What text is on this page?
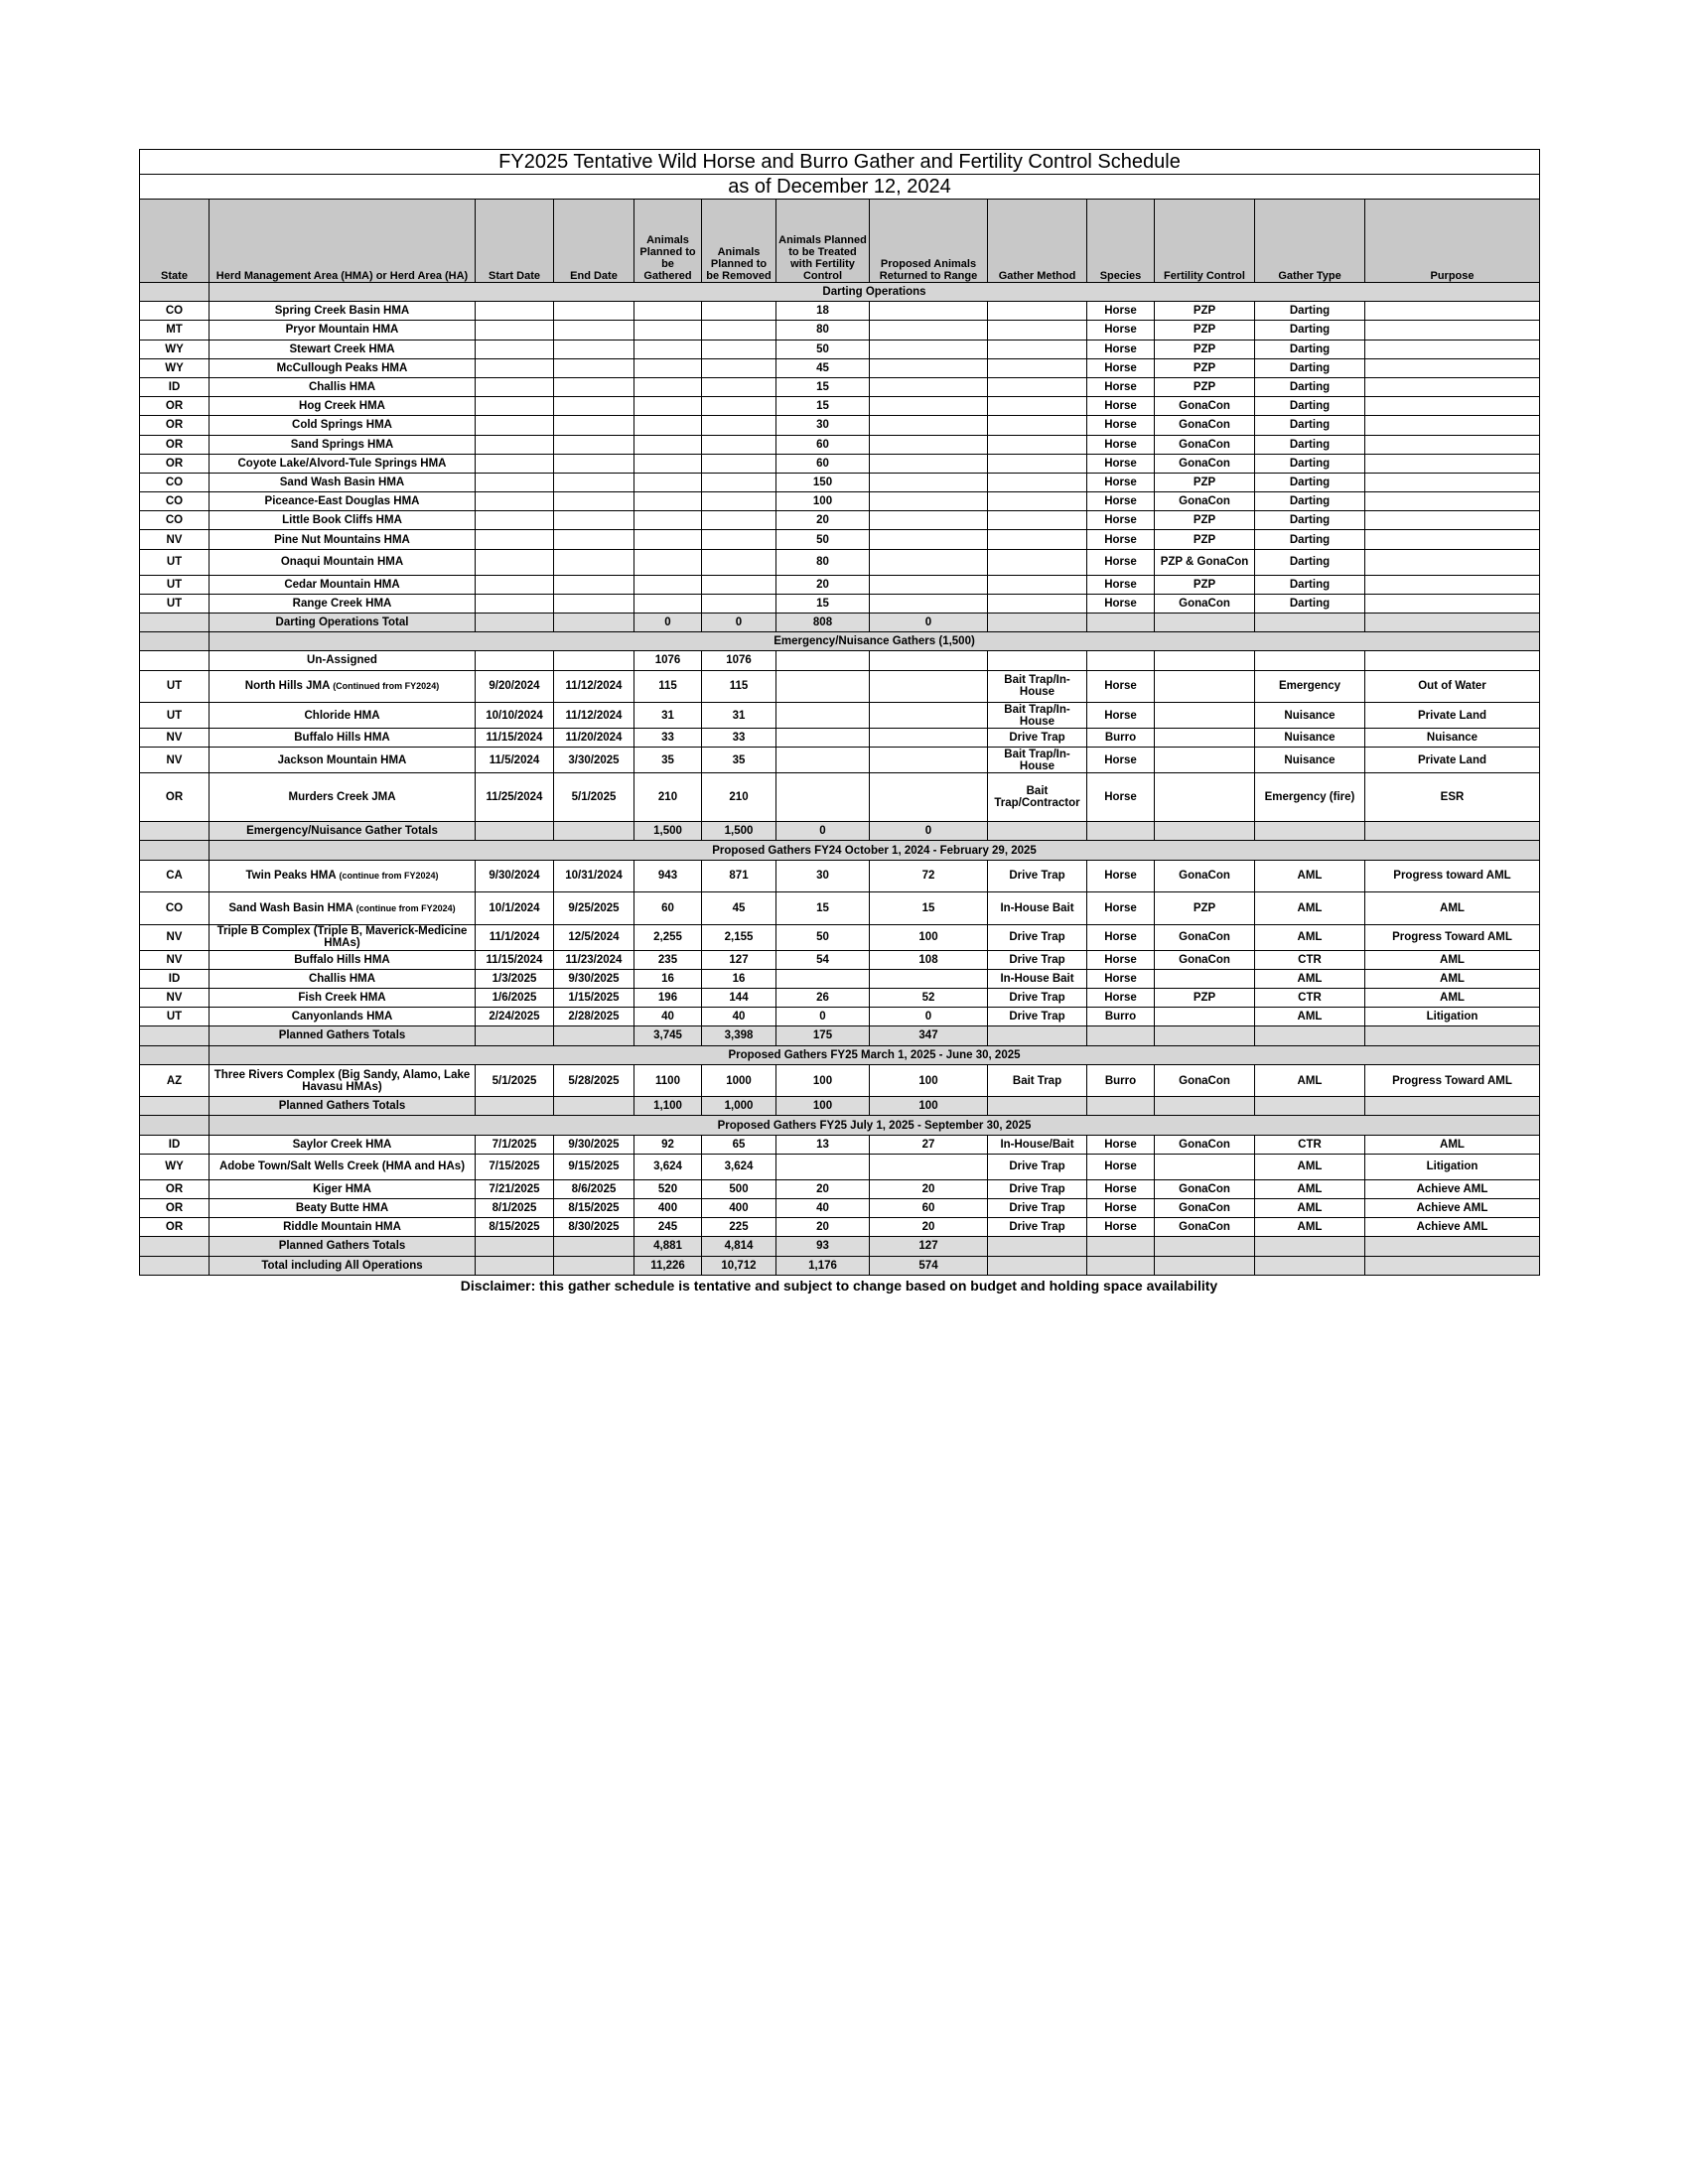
FY2025 Tentative Wild Horse and Burro Gather and Fertility Control Schedule												
as of December 12, 2024												
State	Herd Management Area (HMA) or Herd Area (HA)	Start Date	End Date	Animals Planned to be Gathered	Animals Planned to be Removed	Animals Planned to be Treated with Fertility Control	Proposed Animals Returned to Range	Gather Method	Species	Fertility Control	Gather Type	Purpose
	Darting Operations											
CO	Spring Creek Basin HMA					18			Horse	PZP	Darting	
MT	Pryor Mountain HMA					80			Horse	PZP	Darting	
WY	Stewart Creek HMA					50			Horse	PZP	Darting	
WY	McCullough Peaks HMA					45			Horse	PZP	Darting	
ID	Challis HMA					15			Horse	PZP	Darting	
OR	Hog Creek HMA					15			Horse	GonaCon	Darting	
OR	Cold Springs HMA					30			Horse	GonaCon	Darting	
OR	Sand Springs HMA					60			Horse	GonaCon	Darting	
OR	Coyote Lake/Alvord-Tule Springs HMA					60			Horse	GonaCon	Darting	
CO	Sand Wash Basin HMA					150			Horse	PZP	Darting	
CO	Piceance-East Douglas HMA					100			Horse	GonaCon	Darting	
CO	Little Book Cliffs HMA					20			Horse	PZP	Darting	
NV	Pine Nut Mountains HMA					50			Horse	PZP	Darting	
UT	Onaqui Mountain HMA					80			Horse	PZP & GonaCon	Darting	
UT	Cedar Mountain HMA					20			Horse	PZP	Darting	
UT	Range Creek HMA					15			Horse	GonaCon	Darting	
	Darting Operations Total			0	0	808	0					
	Emergency/Nuisance Gathers (1,500)											
	Un-Assigned			1076	1076							
UT	North Hills JMA (Continued from FY2024)	9/20/2024	11/12/2024	115	115			Bait Trap/In-House	Horse		Emergency	Out of Water
UT	Chloride HMA	10/10/2024	11/12/2024	31	31			Bait Trap/In-House	Horse		Nuisance	Private Land
NV	Buffalo Hills HMA	11/15/2024	11/20/2024	33	33			Drive Trap	Burro		Nuisance	Nuisance
NV	Jackson Mountain HMA	11/5/2024	3/30/2025	35	35			Bait Trap/In-House	Horse		Nuisance	Private Land
OR	Murders Creek JMA	11/25/2024	5/1/2025	210	210			Bait Trap/Contractor	Horse		Emergency (fire)	ESR
	Emergency/Nuisance Gather Totals			1,500	1,500	0	0					
	Proposed Gathers FY24 October 1, 2024 - February 29, 2025											
CA	Twin Peaks HMA (continue from FY2024)	9/30/2024	10/31/2024	943	871	30	72	Drive Trap	Horse	GonaCon	AML	Progress toward AML
CO	Sand Wash Basin HMA (continue from FY2024)	10/1/2024	9/25/2025	60	45	15	15	In-House Bait	Horse	PZP	AML	AML
NV	Triple B Complex (Triple B, Maverick-Medicine HMAs)	11/1/2024	12/5/2024	2,255	2,155	50	100	Drive Trap	Horse	GonaCon	AML	Progress Toward AML
NV	Buffalo Hills HMA	11/15/2024	11/23/2024	235	127	54	108	Drive Trap	Horse	GonaCon	CTR	AML
ID	Challis HMA	1/3/2025	9/30/2025	16	16			In-House Bait	Horse		AML	AML
NV	Fish Creek HMA	1/6/2025	1/15/2025	196	144	26	52	Drive Trap	Horse	PZP	CTR	AML
UT	Canyonlands HMA	2/24/2025	2/28/2025	40	40	0	0	Drive Trap	Burro		AML	Litigation
	Planned Gathers Totals			3,745	3,398	175	347					
	Proposed Gathers FY25 March 1, 2025 - June 30, 2025											
AZ	Three Rivers Complex (Big Sandy, Alamo, Lake Havasu HMAs)	5/1/2025	5/28/2025	1100	1000	100	100	Bait Trap	Burro	GonaCon	AML	Progress Toward AML
	Planned Gathers Totals			1,100	1,000	100	100					
	Proposed Gathers FY25 July 1, 2025 - September 30, 2025											
ID	Saylor Creek HMA	7/1/2025	9/30/2025	92	65	13	27	In-House/Bait	Horse	GonaCon	CTR	AML
WY	Adobe Town/Salt Wells Creek (HMA and HAs)	7/15/2025	9/15/2025	3,624	3,624			Drive Trap	Horse		AML	Litigation
OR	Kiger HMA	7/21/2025	8/6/2025	520	500	20	20	Drive Trap	Horse	GonaCon	AML	Achieve AML
OR	Beaty Butte HMA	8/1/2025	8/15/2025	400	400	40	60	Drive Trap	Horse	GonaCon	AML	Achieve AML
OR	Riddle Mountain HMA	8/15/2025	8/30/2025	245	225	20	20	Drive Trap	Horse	GonaCon	AML	Achieve AML
	Planned Gathers Totals			4,881	4,814	93	127					
	Total including All Operations			11,226	10,712	1,176	574					
Disclaimer: this gather schedule is tentative and subject to change based on budget and holding space availability
